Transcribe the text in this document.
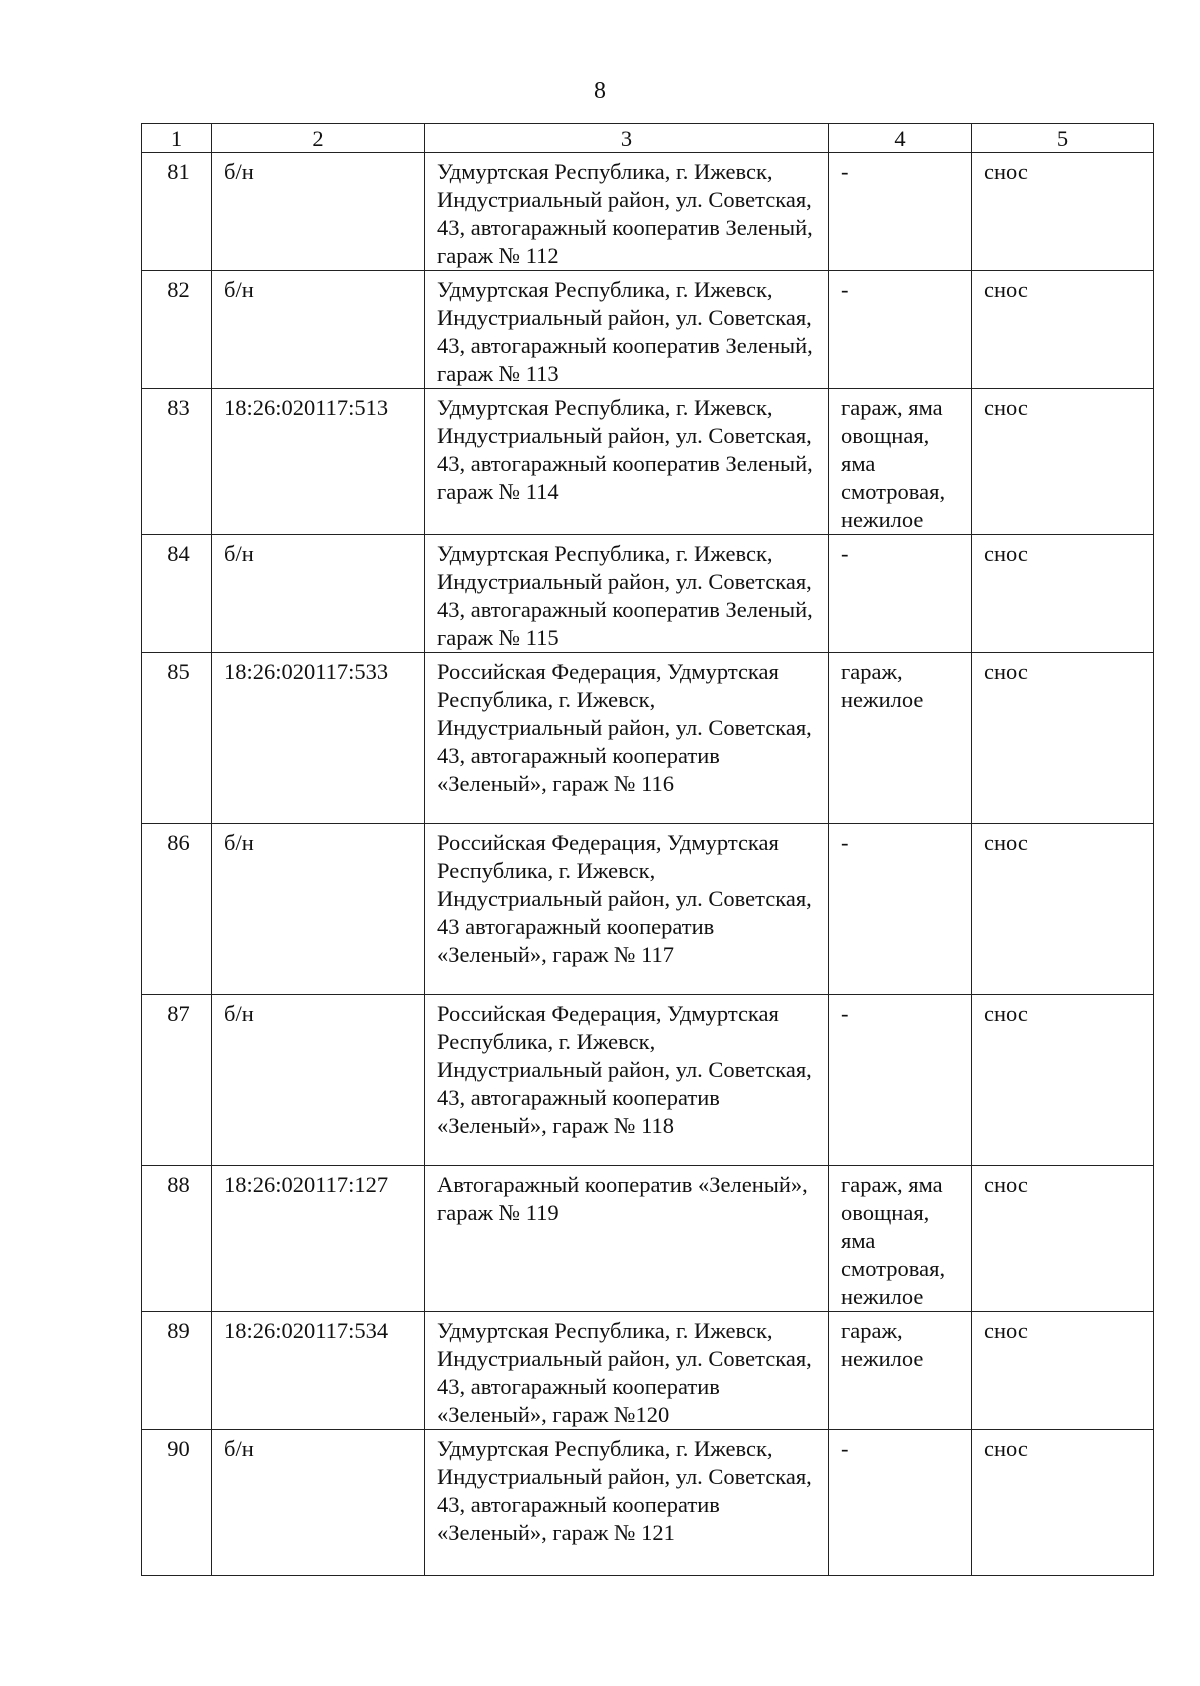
8
1	2	3	4	5
81	б/н	Удмуртская Республика, г. Ижевск, Индустриальный район, ул. Советская, 43, автогаражный кооператив Зеленый, гараж № 112	-	снос
82	б/н	Удмуртская Республика, г. Ижевск, Индустриальный район, ул. Советская, 43, автогаражный кооператив Зеленый, гараж № 113	-	снос
83	18:26:020117:513	Удмуртская Республика, г. Ижевск, Индустриальный район, ул. Советская, 43, автогаражный кооператив Зеленый, гараж № 114	гараж, яма овощная, яма смотровая, нежилое	снос
84	б/н	Удмуртская Республика, г. Ижевск, Индустриальный район, ул. Советская, 43, автогаражный кооператив Зеленый, гараж № 115	-	снос
85	18:26:020117:533	Российская Федерация, Удмуртская Республика, г. Ижевск, Индустриальный район, ул. Советская, 43, автогаражный кооператив «Зеленый», гараж № 116	гараж, нежилое	снос
86	б/н	Российская Федерация, Удмуртская Республика, г. Ижевск, Индустриальный район, ул. Советская, 43 автогаражный кооператив «Зеленый», гараж № 117	-	снос
87	б/н	Российская Федерация, Удмуртская Республика, г. Ижевск, Индустриальный район, ул. Советская, 43, автогаражный кооператив «Зеленый», гараж № 118	-	снос
88	18:26:020117:127	Автогаражный кооператив «Зеленый», гараж № 119	гараж, яма овощная, яма смотровая, нежилое	снос
89	18:26:020117:534	Удмуртская Республика, г. Ижевск, Индустриальный район, ул. Советская, 43, автогаражный кооператив «Зеленый», гараж №120	гараж, нежилое	снос
90	б/н	Удмуртская Республика, г. Ижевск, Индустриальный район, ул. Советская, 43, автогаражный кооператив «Зеленый», гараж № 121	-	снос
